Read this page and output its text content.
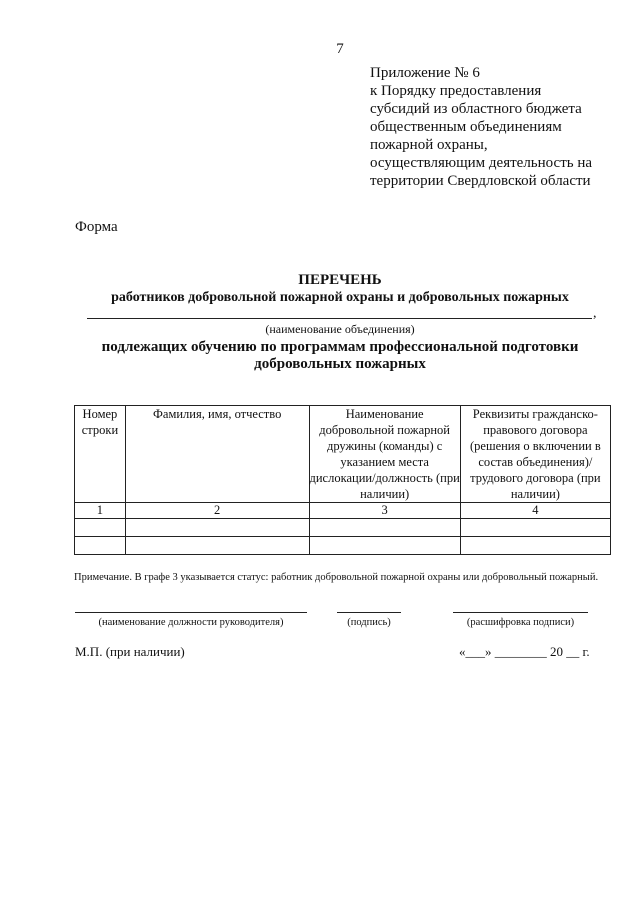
7
Приложение № 6
к Порядку предоставления
субсидий из областного бюджета
общественным объединениям
пожарной охраны,
осуществляющим деятельность на
территории Свердловской области
Форма
ПЕРЕЧЕНЬ
работников добровольной пожарной охраны и добровольных пожарных
,
(наименование объединения)
подлежащих обучению по программам профессиональной подготовки добровольных пожарных
Номер строки	Фамилия, имя, отчество	Наименование добровольной пожарной дружины (команды) с указанием места дислокации/должность (при наличии)	Реквизиты гражданско-правового договора (решения о включении в состав объединения)/ трудового договора (при наличии)
1	2	3	4

Примечание. В графе 3 указывается статус: работник добровольной пожарной охраны или добровольный пожарный.
(наименование должности руководителя)	(подпись)	(расшифровка подписи)
М.П. (при наличии)	«___» ________ 20 __ г.
